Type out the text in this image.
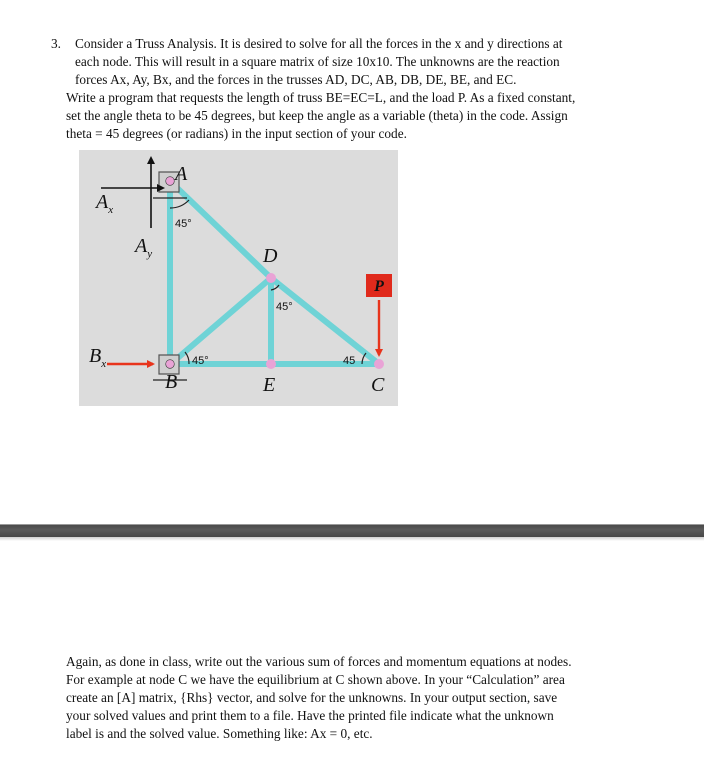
3.	Consider a Truss Analysis. It is desired to solve for all the forces in the x and y directions at
each node. This will result in a square matrix of size 10x10. The unknowns are the reaction
forces Ax, Ay, Bx, and the forces in the trusses AD, DC, AB, DB, DE, BE, and EC.
Write a program that requests the length of truss BE=EC=L, and the load P. As a fixed constant,
set the angle theta to be 45 degrees, but keep the angle as a variable (theta) in the code. Assign
theta = 45 degrees (or radians) in the input section of your code.
P
$A_x$
$A_y$
$B_x$
A
D
B	E	C
45°
45°
45°	45
Again, as done in class, write out the various sum of forces and momentum equations at nodes.
For example at node C we have the equilibrium at C shown above. In your “Calculation” area
create an [A] matrix, {Rhs} vector, and solve for the unknowns. In your output section, save
your solved values and print them to a file. Have the printed file indicate what the unknown
label is and the solved value. Something like: Ax = 0, etc.
